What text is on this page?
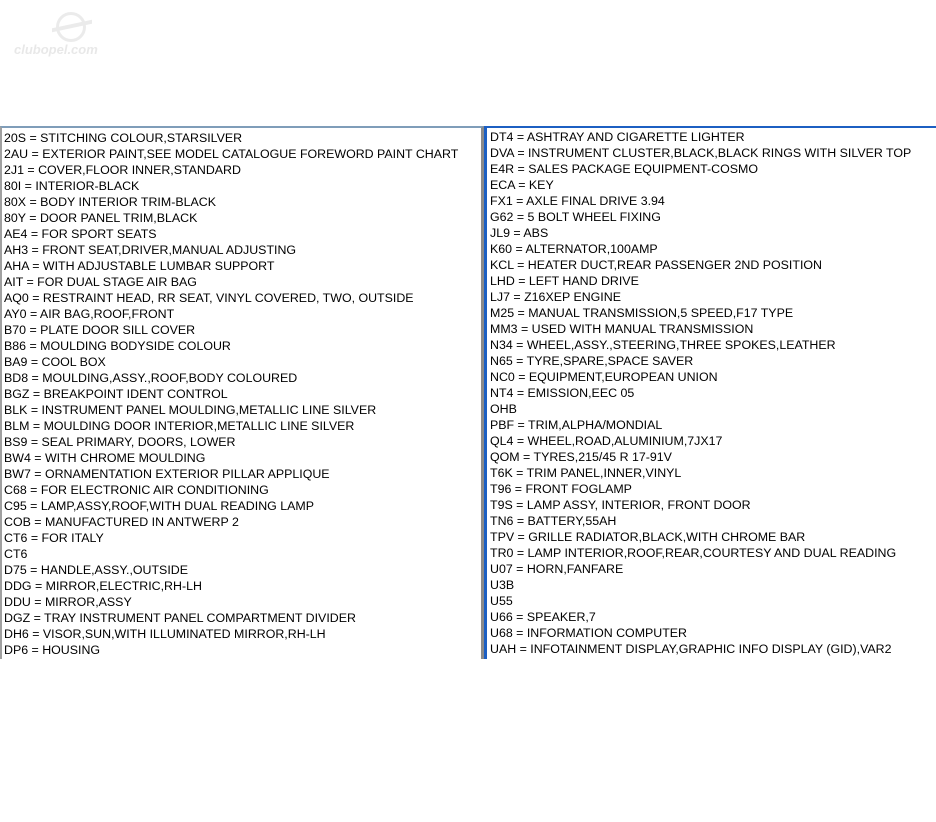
clubopel.com
20S = STITCHING COLOUR,STARSILVER
2AU = EXTERIOR PAINT,SEE MODEL CATALOGUE FOREWORD PAINT CHART
2J1 = COVER,FLOOR INNER,STANDARD
80I = INTERIOR-BLACK
80X = BODY INTERIOR TRIM-BLACK
80Y = DOOR PANEL TRIM,BLACK
AE4 = FOR SPORT SEATS
AH3 = FRONT SEAT,DRIVER,MANUAL ADJUSTING
AHA = WITH ADJUSTABLE LUMBAR SUPPORT
AIT = FOR DUAL STAGE AIR BAG
AQ0 = RESTRAINT HEAD, RR SEAT, VINYL COVERED, TWO, OUTSIDE
AY0 = AIR BAG,ROOF,FRONT
B70 = PLATE DOOR SILL COVER
B86 = MOULDING BODYSIDE COLOUR
BA9 = COOL BOX
BD8 = MOULDING,ASSY.,ROOF,BODY COLOURED
BGZ = BREAKPOINT IDENT CONTROL
BLK = INSTRUMENT PANEL MOULDING,METALLIC LINE SILVER
BLM = MOULDING DOOR INTERIOR,METALLIC LINE SILVER
BS9 = SEAL PRIMARY, DOORS, LOWER
BW4 = WITH CHROME MOULDING
BW7 = ORNAMENTATION EXTERIOR PILLAR APPLIQUE
C68 = FOR ELECTRONIC AIR CONDITIONING
C95 = LAMP,ASSY,ROOF,WITH DUAL READING LAMP
COB = MANUFACTURED IN ANTWERP 2
CT6 = FOR ITALY
CT6
D75 = HANDLE,ASSY.,OUTSIDE
DDG = MIRROR,ELECTRIC,RH-LH
DDU = MIRROR,ASSY
DGZ = TRAY INSTRUMENT PANEL COMPARTMENT DIVIDER
DH6 = VISOR,SUN,WITH ILLUMINATED MIRROR,RH-LH
DP6 = HOUSING
DT4 = ASHTRAY AND CIGARETTE LIGHTER
DVA = INSTRUMENT CLUSTER,BLACK,BLACK RINGS WITH SILVER TOP
E4R = SALES PACKAGE EQUIPMENT-COSMO
ECA = KEY
FX1 = AXLE FINAL DRIVE 3.94
G62 = 5 BOLT WHEEL FIXING
JL9 = ABS
K60 = ALTERNATOR,100AMP
KCL = HEATER DUCT,REAR PASSENGER 2ND POSITION
LHD = LEFT HAND DRIVE
LJ7 = Z16XEP ENGINE
M25 = MANUAL TRANSMISSION,5 SPEED,F17 TYPE
MM3 = USED WITH MANUAL TRANSMISSION
N34 = WHEEL,ASSY.,STEERING,THREE SPOKES,LEATHER
N65 = TYRE,SPARE,SPACE SAVER
NC0 = EQUIPMENT,EUROPEAN UNION
NT4 = EMISSION,EEC 05
OHB
PBF = TRIM,ALPHA/MONDIAL
QL4 = WHEEL,ROAD,ALUMINIUM,7JX17
QOM = TYRES,215/45 R 17-91V
T6K = TRIM PANEL,INNER,VINYL
T96 = FRONT FOGLAMP
T9S = LAMP ASSY, INTERIOR, FRONT DOOR
TN6 = BATTERY,55AH
TPV = GRILLE RADIATOR,BLACK,WITH CHROME BAR
TR0 = LAMP INTERIOR,ROOF,REAR,COURTESY AND DUAL READING
U07 = HORN,FANFARE
U3B
U55
U66 = SPEAKER,7
U68 = INFORMATION COMPUTER
UAH = INFOTAINMENT DISPLAY,GRAPHIC INFO DISPLAY (GID),VAR2
